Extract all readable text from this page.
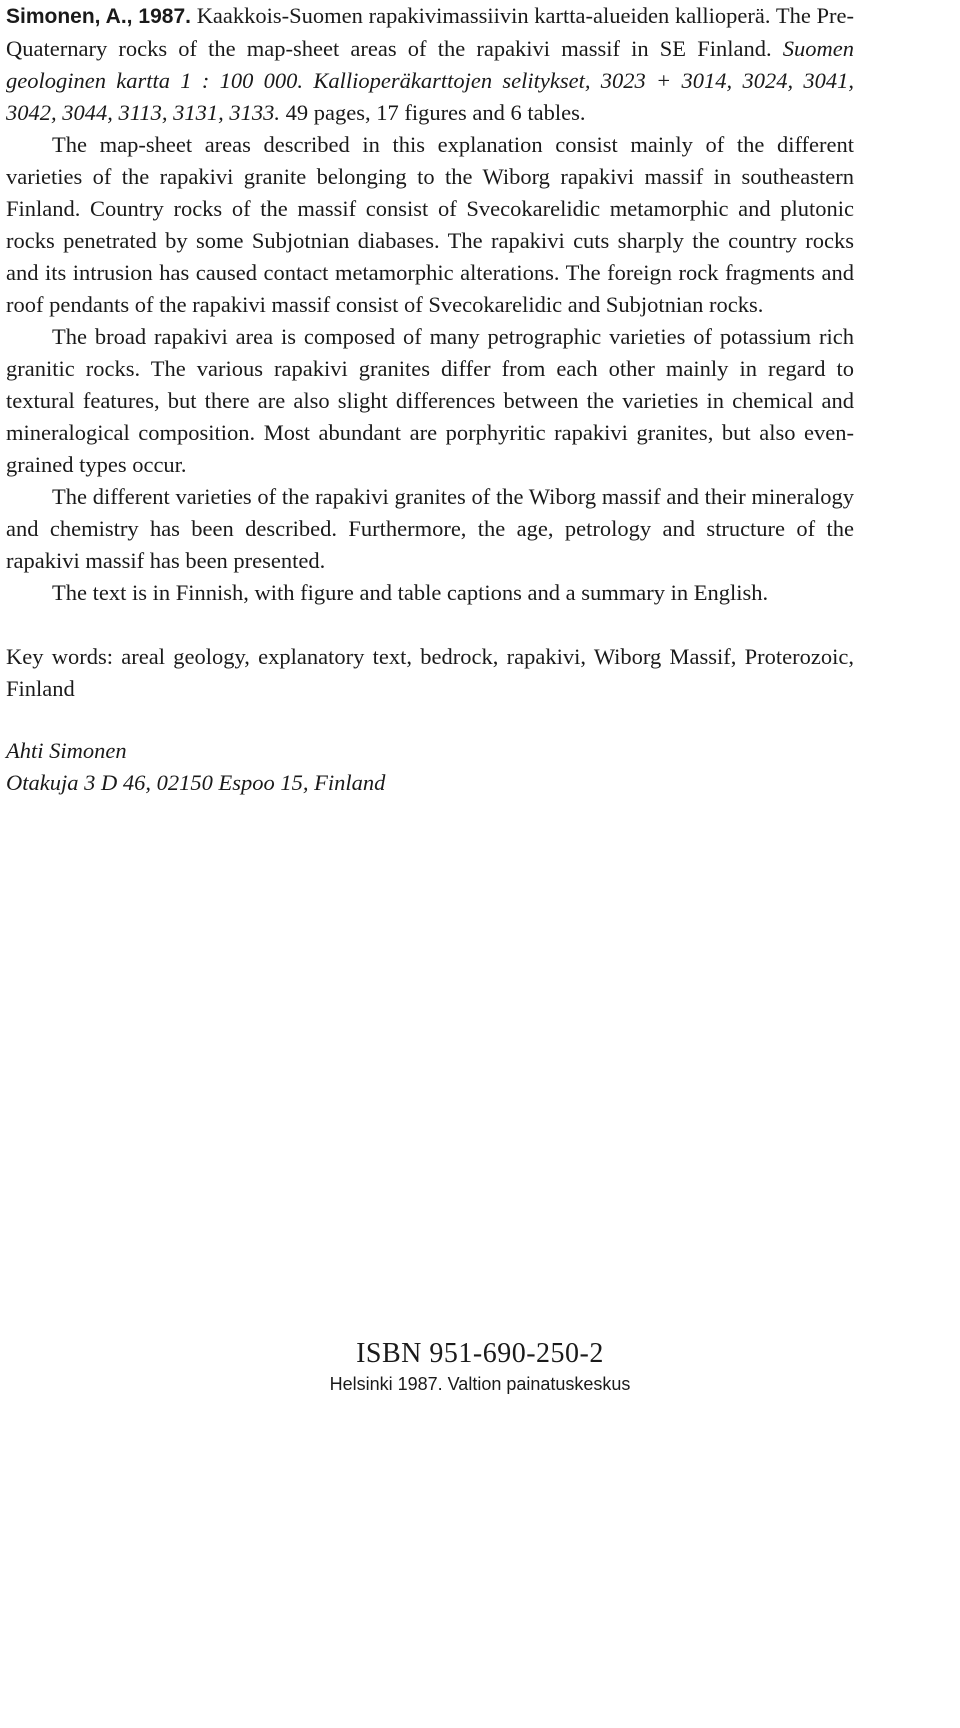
Simonen, A., 1987. Kaakkois-Suomen rapakivimassiivin kartta-alueiden kallioperä. The Pre-Quaternary rocks of the map-sheet areas of the rapakivi massif in SE Finland. Suomen geologinen kartta 1 : 100 000. Kallioperäkarttojen selitykset, 3023 + 3014, 3024, 3041, 3042, 3044, 3113, 3131, 3133. 49 pages, 17 figures and 6 tables.

The map-sheet areas described in this explanation consist mainly of the different varieties of the rapakivi granite belonging to the Wiborg rapakivi massif in southeastern Finland. Country rocks of the massif consist of Svecokarelidic metamorphic and plutonic rocks penetrated by some Subjotnian diabases. The rapakivi cuts sharply the country rocks and its intrusion has caused contact metamorphic alterations. The foreign rock fragments and roof pendants of the rapakivi massif consist of Svecokarelidic and Subjotnian rocks.

The broad rapakivi area is composed of many petrographic varieties of potassium rich granitic rocks. The various rapakivi granites differ from each other mainly in regard to textural features, but there are also slight differences between the varieties in chemical and mineralogical composition. Most abundant are porphyritic rapakivi granites, but also even-grained types occur.

The different varieties of the rapakivi granites of the Wiborg massif and their mineralogy and chemistry has been described. Furthermore, the age, petrology and structure of the rapakivi massif has been presented.

The text is in Finnish, with figure and table captions and a summary in English.

Key words: areal geology, explanatory text, bedrock, rapakivi, Wiborg Massif, Proterozoic, Finland
Ahti Simonen
Otakuja 3 D 46, 02150 Espoo 15, Finland
ISBN 951-690-250-2
Helsinki 1987. Valtion painatuskeskus
